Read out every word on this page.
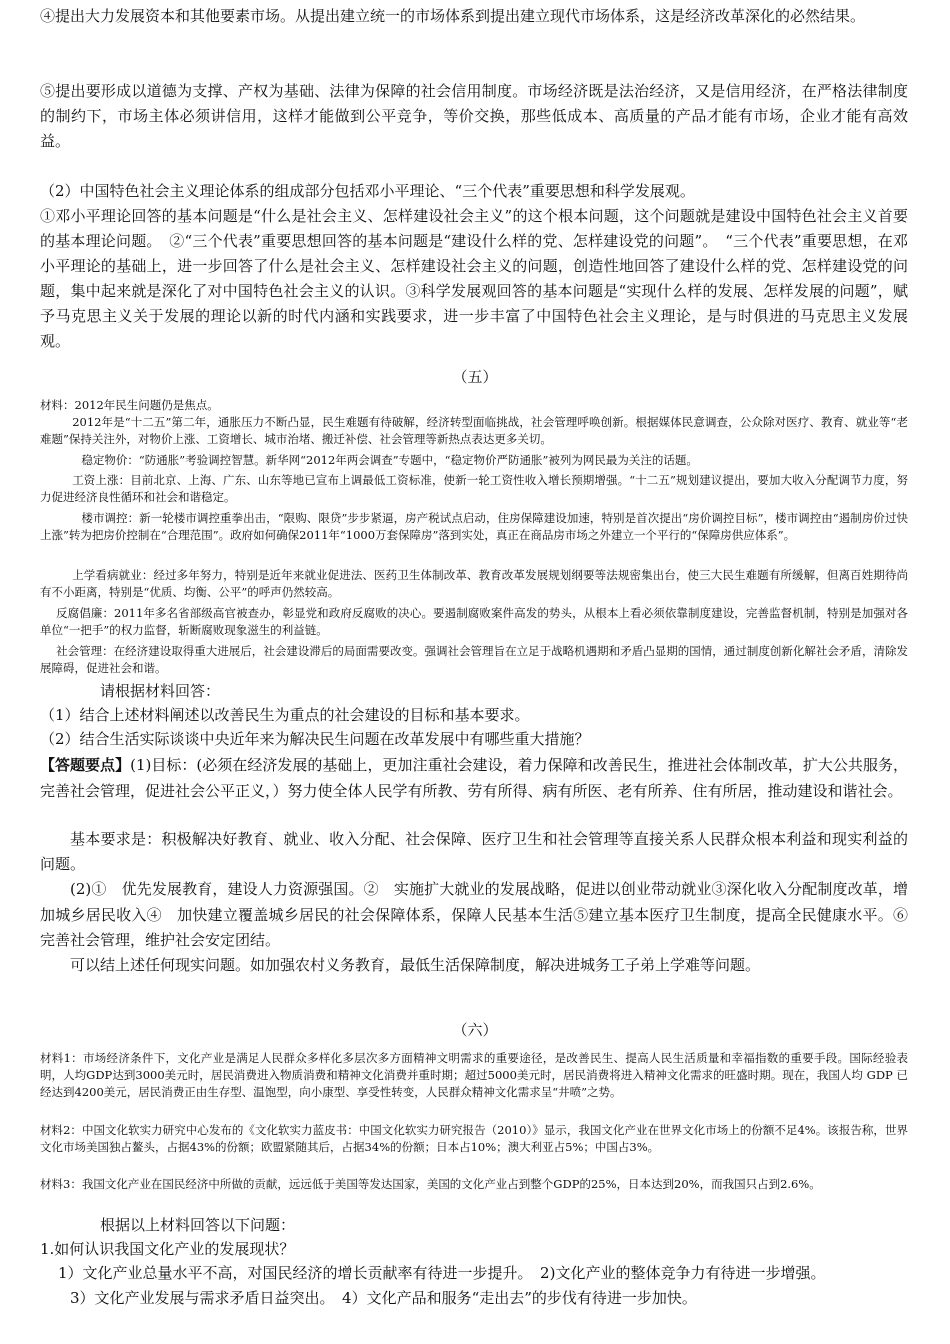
④提出大力发展资本和其他要素市场。从提出建立统一的市场体系到提出建立现代市场体系，这是经济改革深化的必然结果。

⑤提出要形成以道德为支撑、产权为基础、法律为保障的社会信用制度。市场经济既是法治经济，又是信用经济，在严格法律制度的制约下，市场主体必须讲信用，这样才能做到公平竞争，等价交换，那些低成本、高质量的产品才能有市场，企业才能有高效益。

（2）中国特色社会主义理论体系的组成部分包括邓小平理论、“三个代表”重要思想和科学发展观。

①邓小平理论回答的基本问题是“什么是社会主义、怎样建设社会主义”的这个根本问题，这个问题就是建设中国特色社会主义首要的基本理论问题。　②“三个代表”重要思想回答的基本问题是“建设什么样的党、怎样建设党的问题”。　“三个代表”重要思想，在邓小平理论的基础上，进一步回答了什么是社会主义、怎样建设社会主义的问题，创造性地回答了建设什么样的党、怎样建设党的问题，集中起来就是深化了对中国特色社会主义的认识。③科学发展观回答的基本问题是“实现什么样的发展、怎样发展的问题”，赋予马克思主义关于发展的理论以新的时代内涵和实践要求，进一步丰富了中国特色社会主义理论，是与时俱进的马克思主义发展观。

（五）

材料：2012年民生问题仍是焦点。

2012年是“十二五”第二年，通胀压力不断凸显，民生难题有待破解，经济转型面临挑战，社会管理呼唤创新。根据媒体民意调查，公众除对医疗、教育、就业等“老难题”保持关注外，对物价上涨、工资增长、城市治堵、搬迁补偿、社会管理等新热点表达更多关切。

稳定物价：“防通胀”考验调控智慧。新华网“2012年两会调查”专题中，“稳定物价严防通胀”被列为网民最为关注的话题。

工资上涨：目前北京、上海、广东、山东等地已宣布上调最低工资标准，使新一轮工资性收入增长预期增强。“十二五”规划建议提出，要加大收入分配调节力度，努力促进经济良性循环和社会和谐稳定。

楼市调控：新一轮楼市调控重拳出击，“限购、限贷”步步紧逼，房产税试点启动，住房保障建设加速，特别是首次提出“房价调控目标”，楼市调控由“遏制房价过快上涨”转为把房价控制在“合理范围”。政府如何确保2011年“1000万套保障房”落到实处，真正在商品房市场之外建立一个平行的“保障房供应体系”。

上学看病就业：经过多年努力，特别是近年来就业促进法、医药卫生体制改革、教育改革发展规划纲要等法规密集出台，使三大民生难题有所缓解，但离百姓期待尚有不小距离，特别是“优质、均衡、公平”的呼声仍然较高。

反腐倡廉：2011年多名省部级高官被查办，彰显党和政府反腐败的决心。要遏制腐败案件高发的势头，从根本上看必须依靠制度建设，完善监督机制，特别是加强对各单位“一把手”的权力监督，斩断腐败现象滋生的利益链。

社会管理：在经济建设取得重大进展后，社会建设滞后的局面需要改变。强调社会管理旨在立足于战略机遇期和矛盾凸显期的国情，通过制度创新化解社会矛盾，清除发展障碍，促进社会和谐。

请根据材料回答：

（1）结合上述材料阐述以改善民生为重点的社会建设的目标和基本要求。

（2）结合生活实际谈谈中央近年来为解决民生问题在改革发展中有哪些重大措施？

【答题要点】(1)目标：(必须在经济发展的基础上，更加注重社会建设，着力保障和改善民生，推进社会体制改革，扩大公共服务，完善社会管理，促进社会公平正义，）努力使全体人民学有所教、劳有所得、病有所医、老有所养、住有所居，推动建设和谐社会。

基本要求是：积极解决好教育、就业、收入分配、社会保障、医疗卫生和社会管理等直接关系人民群众根本利益和现实利益的问题。

(2)①　优先发展教育，建设人力资源强国。②　实施扩大就业的发展战略，促进以创业带动就业③深化收入分配制度改革，增加城乡居民收入④　加快建立覆盖城乡居民的社会保障体系，保障人民基本生活⑤建立基本医疗卫生制度，提高全民健康水平。⑥　完善社会管理，维护社会安定团结。

可以结上述任何现实问题。如加强农村义务教育，最低生活保障制度，解决进城务工子弟上学难等问题。

（六）

材料1：市场经济条件下，文化产业是满足人民群众多样化多层次多方面精神文明需求的重要途径，是改善民生、提高人民生活质量和幸福指数的重要手段。国际经验表明，人均GDP达到3000美元时，居民消费进入物质消费和精神文化消费并重时期；超过5000美元时，居民消费将进入精神文化需求的旺盛时期。现在，我国人均 GDP 已经达到4200美元，居民消费正由生存型、温饱型，向小康型、享受性转变，人民群众精神文化需求呈“井喷”之势。

材料2：中国文化软实力研究中心发布的《文化软实力蓝皮书：中国文化软实力研究报告（2010）》显示，我国文化产业在世界文化市场上的份额不足4%。该报告称，世界文化市场美国独占鳌头，占据43%的份额；欧盟紧随其后，占据34%的份额；日本占10%；澳大利亚占5%；中国占3%。

材料3：我国文化产业在国民经济中所做的贡献，远远低于美国等发达国家，美国的文化产业占到整个GDP的25%，日本达到20%，而我国只占到2.6%。

根据以上材料回答以下问题：

1.如何认识我国文化产业的发展现状？

1）文化产业总量水平不高，对国民经济的增长贡献率有待进一步提升。　2)文化产业的整体竞争力有待进一步增强。

3）文化产业发展与需求矛盾日益突出。　4）文化产品和服务“走出去”的步伐有待进一步加快。
